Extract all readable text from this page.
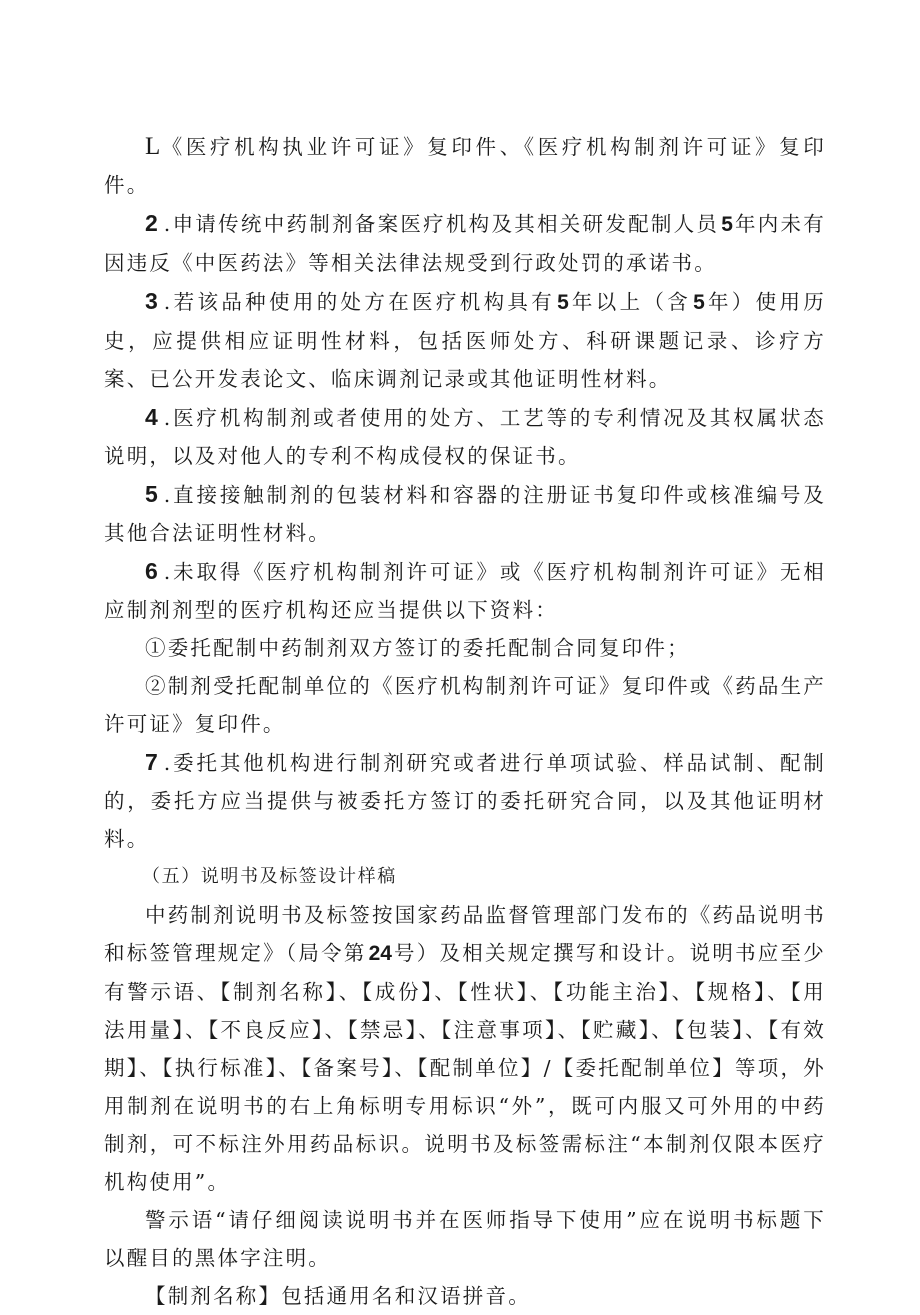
L《医疗机构执业许可证》复印件、《医疗机构制剂许可证》复印件。

2 .申请传统中药制剂备案医疗机构及其相关研发配制人员5年内未有因违反《中医药法》等相关法律法规受到行政处罚的承诺书。

3 .若该品种使用的处方在医疗机构具有5年以上（含5年）使用历史，应提供相应证明性材料，包括医师处方、科研课题记录、诊疗方案、已公开发表论文、临床调剂记录或其他证明性材料。

4 .医疗机构制剂或者使用的处方、工艺等的专利情况及其权属状态说明，以及对他人的专利不构成侵权的保证书。

5 .直接接触制剂的包装材料和容器的注册证书复印件或核准编号及其他合法证明性材料。

6 .未取得《医疗机构制剂许可证》或《医疗机构制剂许可证》无相应制剂剂型的医疗机构还应当提供以下资料：

①委托配制中药制剂双方签订的委托配制合同复印件；

②制剂受托配制单位的《医疗机构制剂许可证》复印件或《药品生产许可证》复印件。

7 .委托其他机构进行制剂研究或者进行单项试验、样品试制、配制的，委托方应当提供与被委托方签订的委托研究合同，以及其他证明材料。

（五）说明书及标签设计样稿

中药制剂说明书及标签按国家药品监督管理部门发布的《药品说明书和标签管理规定》（局令第24号）及相关规定撰写和设计。说明书应至少有警示语、【制剂名称】、【成份】、【性状】、【功能主治】、【规格】、【用法用量】、【不良反应】、【禁忌】、【注意事项】、【贮藏】、【包装】、【有效期】、【执行标准】、【备案号】、【配制单位】/【委托配制单位】等项，外用制剂在说明书的右上角标明专用标识“外”，既可内服又可外用的中药制剂，可不标注外用药品标识。说明书及标签需标注“本制剂仅限本医疗机构使用”。

警示语“请仔细阅读说明书并在医师指导下使用”应在说明书标题下以醒目的黑体字注明。

【制剂名称】包括通用名和汉语拼音。
